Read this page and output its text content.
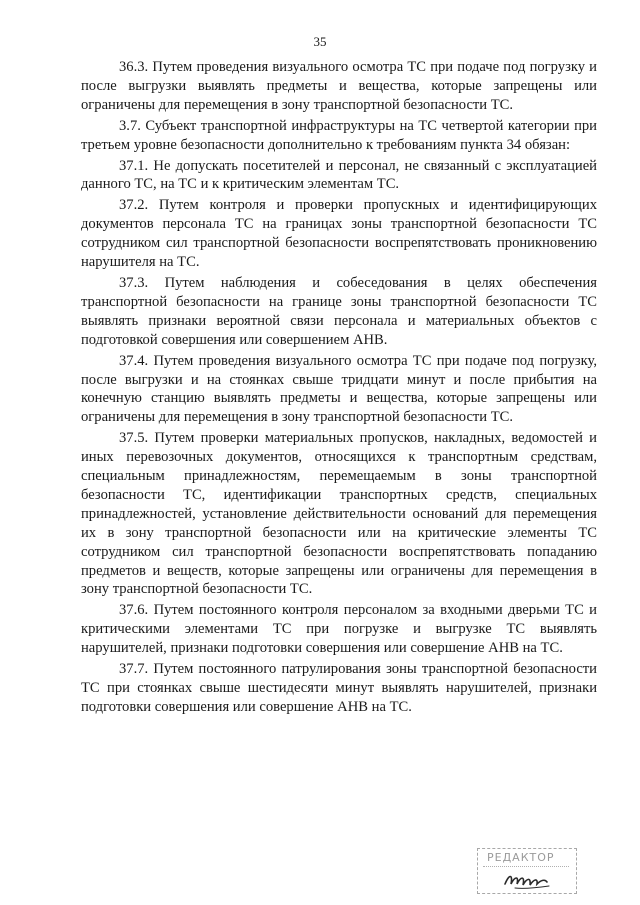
35

36.3. Путем проведения визуального осмотра ТС при подаче под погрузку и после выгрузки выявлять предметы и вещества, которые запрещены или ограничены для перемещения в зону транспортной безопасности ТС.

3.7. Субъект транспортной инфраструктуры на ТС четвертой категории при третьем уровне безопасности дополнительно к требованиям пункта 34 обязан:

37.1. Не допускать посетителей и персонал, не связанный с эксплуатацией данного ТС, на ТС и к критическим элементам ТС.

37.2. Путем контроля и проверки пропускных и идентифицирующих документов персонала ТС на границах зоны транспортной безопасности ТС сотрудником сил транспортной безопасности воспрепятствовать проникновению нарушителя на ТС.

37.3. Путем наблюдения и собеседования в целях обеспечения транспортной безопасности на границе зоны транспортной безопасности ТС выявлять признаки вероятной связи персонала и материальных объектов с подготовкой совершения или совершением АНВ.

37.4. Путем проведения визуального осмотра ТС при подаче под погрузку, после выгрузки и на стоянках свыше тридцати минут и после прибытия на конечную станцию выявлять предметы и вещества, которые запрещены или ограничены для перемещения в зону транспортной безопасности ТС.

37.5. Путем проверки материальных пропусков, накладных, ведомостей и иных перевозочных документов, относящихся к транспортным средствам, специальным принадлежностям, перемещаемым в зоны транспортной безопасности ТС, идентификации транспортных средств, специальных принадлежностей, установление действительности оснований для перемещения их в зону транспортной безопасности или на критические элементы ТС сотрудником сил транспортной безопасности воспрепятствовать попаданию предметов и веществ, которые запрещены или ограничены для перемещения в зону транспортной безопасности ТС.

37.6. Путем постоянного контроля персоналом за входными дверьми ТС и критическими элементами ТС при погрузке и выгрузке ТС выявлять нарушителей, признаки подготовки совершения или совершение АНВ на ТС.

37.7. Путем постоянного патрулирования зоны транспортной безопасности ТС при стоянках свыше шестидесяти минут выявлять нарушителей, признаки подготовки совершения или совершение АНВ на ТС.

РЕДАКТОР
